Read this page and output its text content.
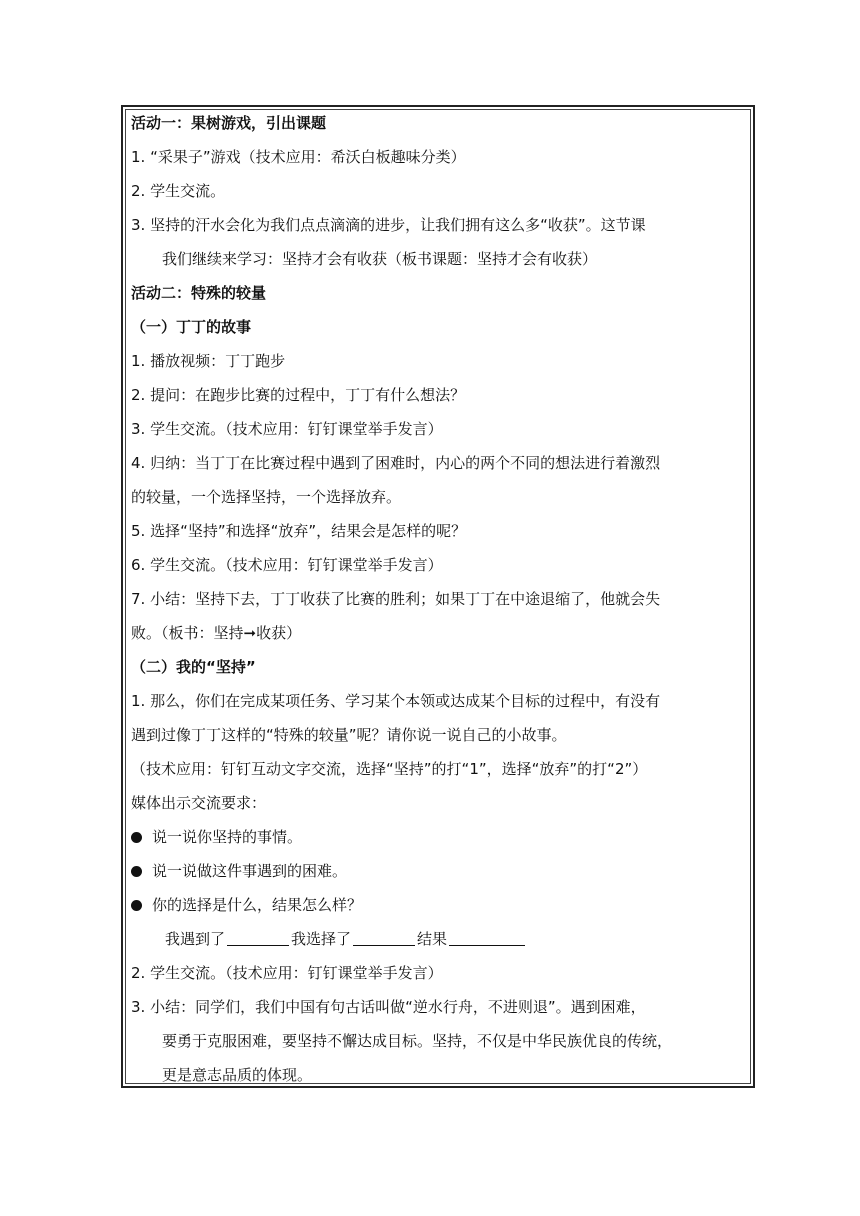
活动一：果树游戏，引出课题
1. “采果子”游戏（技术应用：希沃白板趣味分类）
2. 学生交流。
3. 坚持的汗水会化为我们点点滴滴的进步，让我们拥有这么多“收获”。这节课
我们继续来学习：坚持才会有收获（板书课题：坚持才会有收获）
活动二：特殊的较量
（一）丁丁的故事
1. 播放视频：丁丁跑步
2. 提问：在跑步比赛的过程中，丁丁有什么想法？
3. 学生交流。（技术应用：钉钉课堂举手发言）
4. 归纳：当丁丁在比赛过程中遇到了困难时，内心的两个不同的想法进行着激烈
的较量，一个选择坚持，一个选择放弃。
5. 选择“坚持”和选择“放弃”，结果会是怎样的呢？
6. 学生交流。（技术应用：钉钉课堂举手发言）
7. 小结：坚持下去，丁丁收获了比赛的胜利；如果丁丁在中途退缩了，他就会失
败。（板书：坚持➞收获）
（二）我的“坚持”
1. 那么，你们在完成某项任务、学习某个本领或达成某个目标的过程中，有没有
遇到过像丁丁这样的“特殊的较量”呢？请你说一说自己的小故事。
（技术应用：钉钉互动文字交流，选择“坚持”的打“1”，选择“放弃”的打“2”）
媒体出示交流要求：
说一说你坚持的事情。
说一说做这件事遇到的困难。
你的选择是什么，结果怎么样？
我遇到了	我选择了	结果
2. 学生交流。（技术应用：钉钉课堂举手发言）
3. 小结：同学们，我们中国有句古话叫做“逆水行舟，不进则退”。遇到困难，
要勇于克服困难，要坚持不懈达成目标。坚持，不仅是中华民族优良的传统，
更是意志品质的体现。
